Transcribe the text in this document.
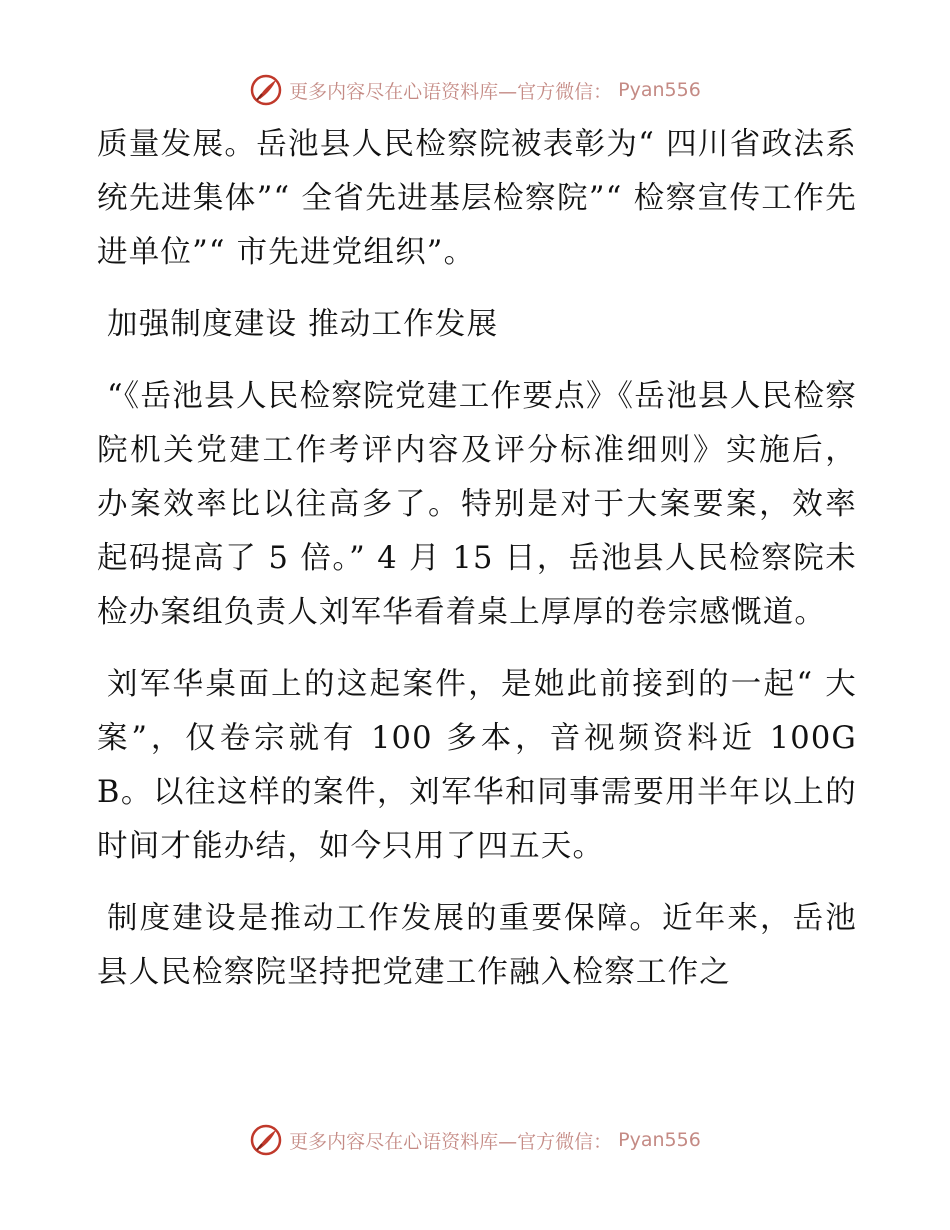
更多内容尽在心语资料库—官方微信： Pyan556

质量发展。岳池县人民检察院被表彰为“ 四川省政法系统先进集体”“ 全省先进基层检察院”“ 检察宣传工作先进单位”“ 市先进党组织”。

加强制度建设 推动工作发展

“《岳池县人民检察院党建工作要点》《岳池县人民检察院机关党建工作考评内容及评分标准细则》实施后，办案效率比以往高多了。特别是对于大案要案，效率起码提高了 5 倍。” 4 月 15 日，岳池县人民检察院未检办案组负责人刘军华看着桌上厚厚的卷宗感慨道。

刘军华桌面上的这起案件，是她此前接到的一起“ 大案”，仅卷宗就有 100 多本，音视频资料近 100GB。以往这样的案件，刘军华和同事需要用半年以上的时间才能办结，如今只用了四五天。

制度建设是推动工作发展的重要保障。近年来，岳池县人民检察院坚持把党建工作融入检察工作之

更多内容尽在心语资料库—官方微信： Pyan556
